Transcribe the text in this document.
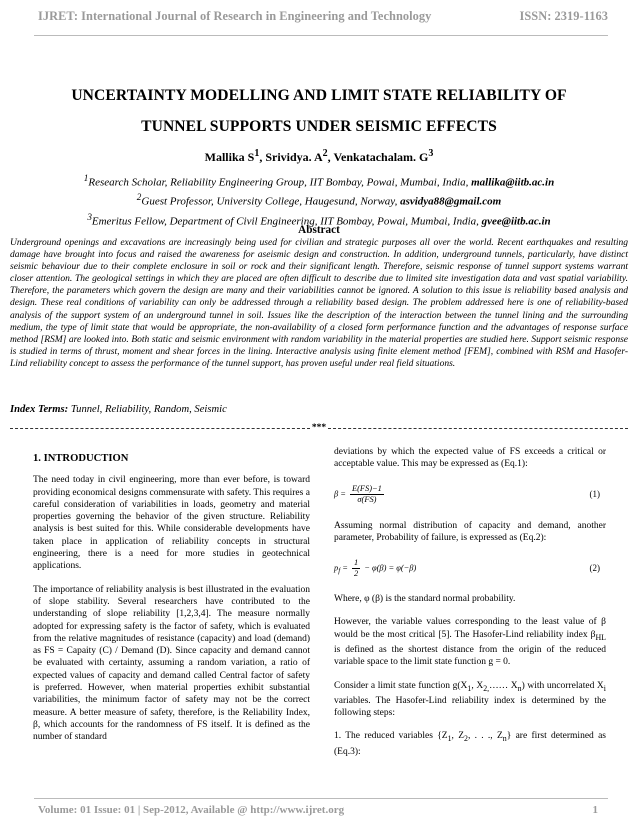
IJRET: International Journal of Research in Engineering and Technology	ISSN: 2319-1163
UNCERTAINTY MODELLING AND LIMIT STATE RELIABILITY OF
TUNNEL SUPPORTS UNDER SEISMIC EFFECTS
Mallika $S^1$, Srividya. $A^2$, Venkatachalam. $G^3$
$^1$Research Scholar, Reliability Engineering Group, IIT Bombay, Powai, Mumbai, India, mallika@iitb.ac.in
$^2$Guest Professor, University College, Haugesund, Norway, asvidya88@gmail.com
$^3$Emeritus Fellow, Department of Civil Engineering, IIT Bombay, Powai, Mumbai, India, gvee@iitb.ac.in
Abstract
Underground openings and excavations are increasingly being used for civilian and strategic purposes all over the world. Recent earthquakes and resulting damage have brought into focus and raised the awareness for aseismic design and construction. In addition, underground tunnels, particularly, have distinct seismic behaviour due to their complete enclosure in soil or rock and their significant length. Therefore, seismic response of tunnel support systems warrant closer attention. The geological settings in which they are placed are often difficult to describe due to limited site investigation data and vast spatial variability. Therefore, the parameters which govern the design are many and their variabilities cannot be ignored. A solution to this issue is reliability based analysis and design. These real conditions of variability can only be addressed through a reliability based design. The problem addressed here is one of reliability-based analysis of the support system of an underground tunnel in soil. Issues like the description of the interaction between the tunnel lining and the surrounding medium, the type of limit state that would be appropriate, the non-availability of a closed form performance function and the advantages of response surface method [RSM] are looked into. Both static and seismic environment with random variability in the material properties are studied here. Support seismic response is studied in terms of thrust, moment and shear forces in the lining. Interactive analysis using finite element method [FEM], combined with RSM and Hasofer-Lind reliability concept to assess the performance of the tunnel support, has proven useful under real field situations.
Index Terms: Tunnel, Reliability, Random, Seismic
***
1. INTRODUCTION

The need today in civil engineering, more than ever before, is toward providing economical designs commensurate with safety. This requires a careful consideration of variabilities in loads, geometry and material properties governing the behavior of the given structure. Reliability analysis is best suited for this. While considerable developments have taken place in application of reliability concepts in structural engineering, there is a need for more studies in geotechnical applications.

The importance of reliability analysis is best illustrated in the evaluation of slope stability. Several researchers have contributed to the understanding of slope reliability [1,2,3,4]. The measure normally adopted for expressing safety is the factor of safety, which is evaluated from the relative magnitudes of resistance (capacity) and load (demand) as FS = Capaity (C) / Demand (D). Since capacity and demand cannot be evaluated with certainty, assuming a random variation, a ratio of expected values of capacity and demand called Central factor of safety is preferred. However, when material properties exhibit substantial variabilities, the minimum factor of safety may not be the correct measure. A better measure of safety, therefore, is the Reliability Index, β, which accounts for the randomness of FS itself. It is defined as the number of standard

deviations by which the expected value of FS exceeds a critical or acceptable value. This may be expressed as (Eq.1):

$\beta = \frac{E(FS)-1}{\sigma(FS)}$	(1)

Assuming normal distribution of capacity and demand, another parameter, Probability of failure, is expressed as (Eq.2):

$p_f = \frac{1}{2} - \varphi(\beta) = \varphi(-\beta)$	(2)

Where, φ (β) is the standard normal probability.

However, the variable values corresponding to the least value of β would be the most critical [5]. The Hasofer-Lind reliability index $\beta_{HL}$ is defined as the shortest distance from the origin of the reduced variable space to the limit state function g = 0.

Consider a limit state function $g(X_1$, $X_{2,}\dots\dots$ $X_n$) with uncorrelated $X_i$ variables. The Hasofer-Lind reliability index is determined by the following steps:

1. The reduced variables {$Z_1$, $Z_2$, . . ., $Z_n$} are first determined as (Eq.3):

Volume: 01 Issue: 01 | Sep-2012, Available @ http://www.ijret.org	1
